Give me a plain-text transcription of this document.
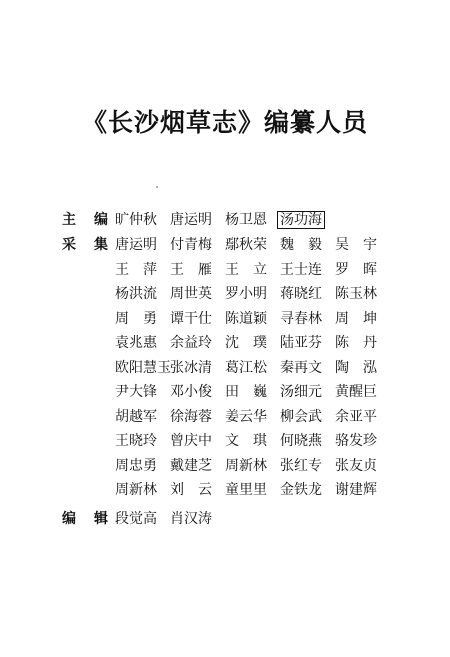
《长沙烟草志》编纂人员
主 编 旷仲秋 唐运明 杨卫恩 汤功海
采 集 唐运明 付青梅 鄢秋荣 魏　毅 吴　宇
王　萍 王　雁 王　立 王士连 罗　晖
杨洪流 周世英 罗小明 蒋晓红 陈玉林
周　勇 谭干仕 陈道颖 寻春林 周　坤
袁兆惠 余益玲 沈　璞 陆亚芬 陈　丹
欧阳慧玉 张冰清 葛江松 秦再文 陶　泓
尹大锋 邓小俊 田　巍 汤细元 黄醒巨
胡越军 徐海蓉 姜云华 柳会武 余亚平
王晓玲 曾庆中 文　琪 何晓燕 骆发珍
周忠勇 戴建芝 周新林 张红专 张友贞
周新林 刘　云 童里里 金铁龙 谢建辉
编 辑 段觉高 肖汉涛
